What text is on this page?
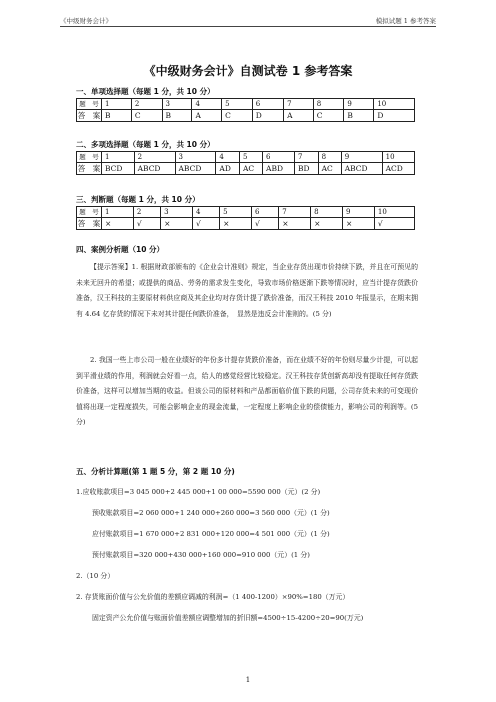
《中级财务会计》	模拟试题 1 参考答案
《中级财务会计》自测试卷 1 参考答案
一、单项选择题（每题 1 分，共 10 分）
题　号	1	2	3	4	5	6	7	8	9	10
答　案	B	C	B	A	C	D	A	C	B	D
二、多项选择题（每题 1 分，共 10 分）
题　号	1	2	3	4	5	6	7	8	9	10
答　案	BCD	ABCD	ABCD	AD	AC	ABD	BD	AC	ABCD	ACD
三、判断题（每题 1 分，共 10 分）
题　号	1	2	3	4	5	6	7	8	9	10
答　案	×	√	×	√	×	√	×	×	×	√
四、案例分析题（10 分）
【提示答案】1. 根据财政部颁布的《企业会计准则》规定，当企业存货出现市价持续下跌，并且在可预见的未来无回升的希望；或提供的商品、劳务的需求发生变化，导致市场价格逐渐下跌等情况时，应当计提存货跌价准备，汉王科技的主要原材料供应商及其企业均对存货计提了跌价准备，而汉王科技 2010 年报显示，在期末拥有 4.64 亿存货的情况下未对其计提任何跌价准备，　显然是违反会计准则的。(5 分)
2. 我国一些上市公司一般在业绩好的年份多计提存货跌价准备，而在业绩不好的年份则尽量少计提，可以起到平滑业绩的作用，利润就会好看一点，给人的感觉经营比较稳定。汉王科技存货创新高却没有提取任何存货跌价准备，这样可以增加当期的收益。但该公司的原材料和产品都面临价值下跌的问题，公司存货未来的可变现价值将出现一定程度损失，可能会影响企业的现金流量，一定程度上影响企业的偿债能力，影响公司的利润等。(5 分)
五、分析计算题(第 1 题 5 分，第 2 题 10 分)
1.应收账款项目=3 045 000+2 445 000+1 00 000=5590 000（元）(2 分)
预收账款项目=2 060 000+1 240 000+260 000=3 560 000（元）(1 分)
应付账款项目=1 670 000+2 831 000+120 000=4 501 000（元）(1 分)
预付账款项目=320 000+430 000+160 000=910 000（元）(1 分)
2.（10 分）
2. 存货账面价值与公允价值的差额应调减的利润=（1 400-1200）×90%=180（万元）
固定资产公允价值与账面价值差额应调整增加的折旧额=4500÷15-4200÷20=90(万元)
1
